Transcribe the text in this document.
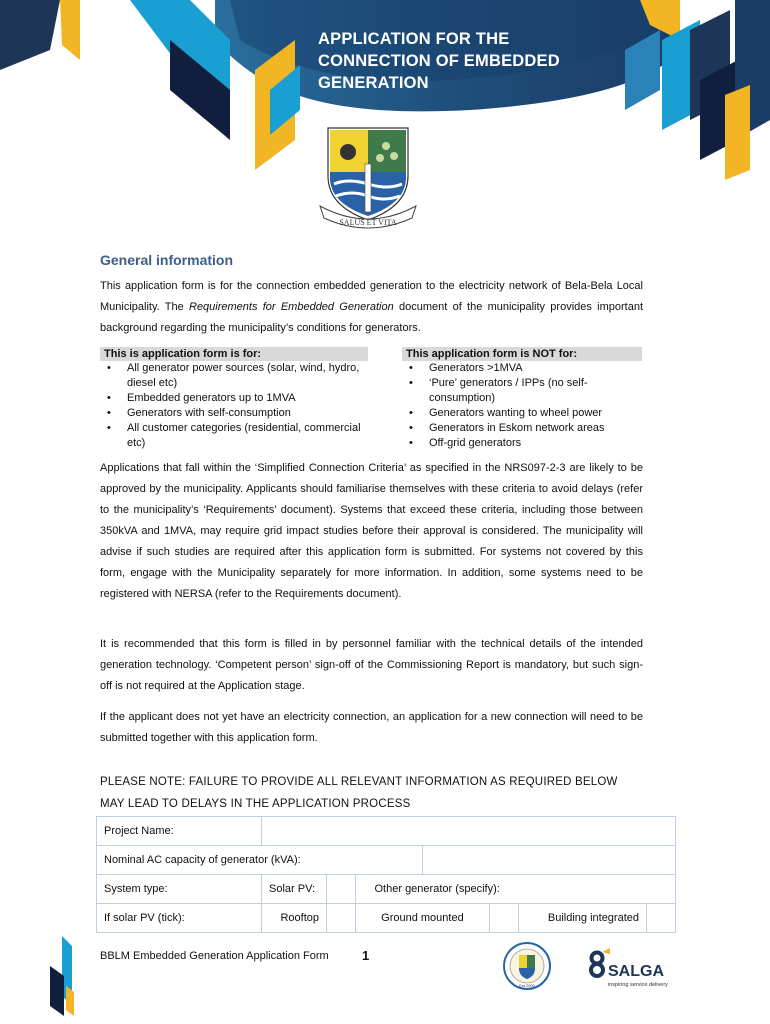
APPLICATION FOR THE
CONNECTION OF EMBEDDED
GENERATION
SALUS ET VITA
General information
This application form is for the connection embedded generation to the electricity network of Bela-Bela Local Municipality. The Requirements for Embedded Generation document of the municipality provides important background regarding the municipality’s conditions for generators.
This is application form is for:
• All generator power sources (solar, wind, hydro, diesel etc)
• Embedded generators up to 1MVA
• Generators with self-consumption
• All customer categories (residential, commercial etc)
This application form is NOT for:
• Generators >1MVA
• ‘Pure’ generators / IPPs (no self-consumption)
• Generators wanting to wheel power
• Generators in Eskom network areas
• Off-grid generators
Applications that fall within the ‘Simplified Connection Criteria’ as specified in the NRS097-2-3 are likely to be approved by the municipality. Applicants should familiarise themselves with these criteria to avoid delays (refer to the municipality’s ‘Requirements’ document). Systems that exceed these criteria, including those between 350kVA and 1MVA, may require grid impact studies before their approval is considered. The municipality will advise if such studies are required after this application form is submitted. For systems not covered by this form, engage with the Municipality separately for more information. In addition, some systems need to be registered with NERSA (refer to the Requirements document).
It is recommended that this form is filled in by personnel familiar with the technical details of the intended generation technology. ‘Competent person’ sign-off of the Commissioning Report is mandatory, but such sign-off is not required at the Application stage.
If the applicant does not yet have an electricity connection, an application for a new connection will need to be submitted together with this application form.
PLEASE NOTE: FAILURE TO PROVIDE ALL RELEVANT INFORMATION AS REQUIRED BELOW
MAY LEAD TO DELAYS IN THE APPLICATION PROCESS
Project Name:							
Nominal AC capacity of generator (kVA):							
System type:	Solar PV:		Other generator (specify):				
If solar PV (tick):	Rooftop		Ground mounted			Building integrated	
BBLM Embedded Generation Application Form	1
Est 2000
SALGA
inspiring service delivery
